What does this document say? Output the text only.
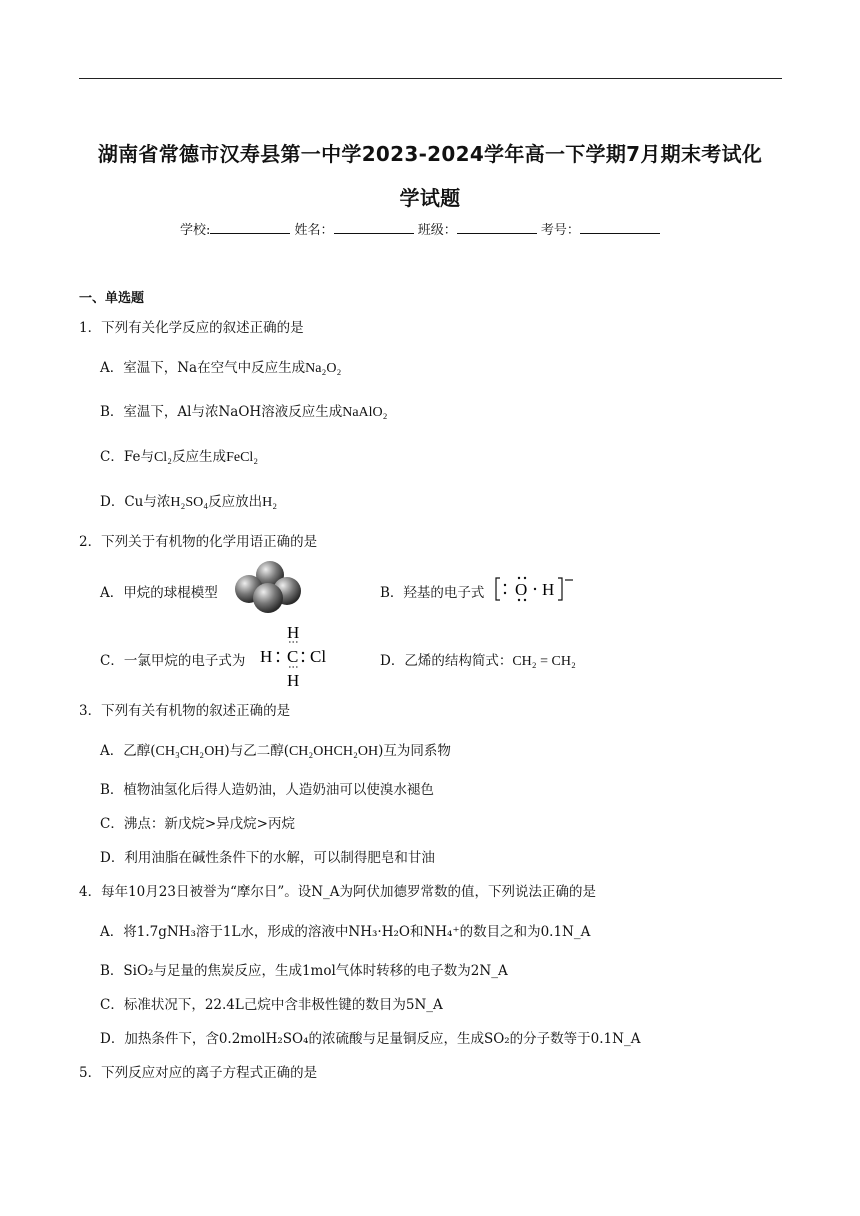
湖南省常德市汉寿县第一中学2023-2024学年高一下学期7月期末考试化
学试题
学校:	姓名：	班级：	考号：
一、单选题
1．下列有关化学反应的叙述正确的是
A．室温下，Na在空气中反应生成Na₂O₂
B．室温下，Al与浓NaOH溶液反应生成NaAlO₂
C．Fe与Cl₂反应生成FeCl₂
D．Cu与浓H₂SO₄反应放出H₂
2．下列关于有机物的化学用语正确的是
A．甲烷的球棍模型	B．羟基的电子式 O H
C．一氯甲烷的电子式为
H
H C Cl
H
D．乙烯的结构简式：CH₂ = CH₂
3．下列有关有机物的叙述正确的是
A．乙醇(CH₃CH₂OH)与乙二醇(CH₂OHCH₂OH)互为同系物
B．植物油氢化后得人造奶油，人造奶油可以使溴水褪色
C．沸点：新戊烷>异戊烷>丙烷
D．利用油脂在碱性条件下的水解，可以制得肥皂和甘油
4．每年10月23日被誉为“摩尔日”。设N_A为阿伏加德罗常数的值，下列说法正确的是
A．将1.7gNH₃溶于1L水，形成的溶液中NH₃·H₂O和NH₄⁺的数目之和为0.1N_A
B．SiO₂与足量的焦炭反应，生成1mol气体时转移的电子数为2N_A
C．标准状况下，22.4L己烷中含非极性键的数目为5N_A
D．加热条件下，含0.2molH₂SO₄的浓硫酸与足量铜反应，生成SO₂的分子数等于0.1N_A
5．下列反应对应的离子方程式正确的是
